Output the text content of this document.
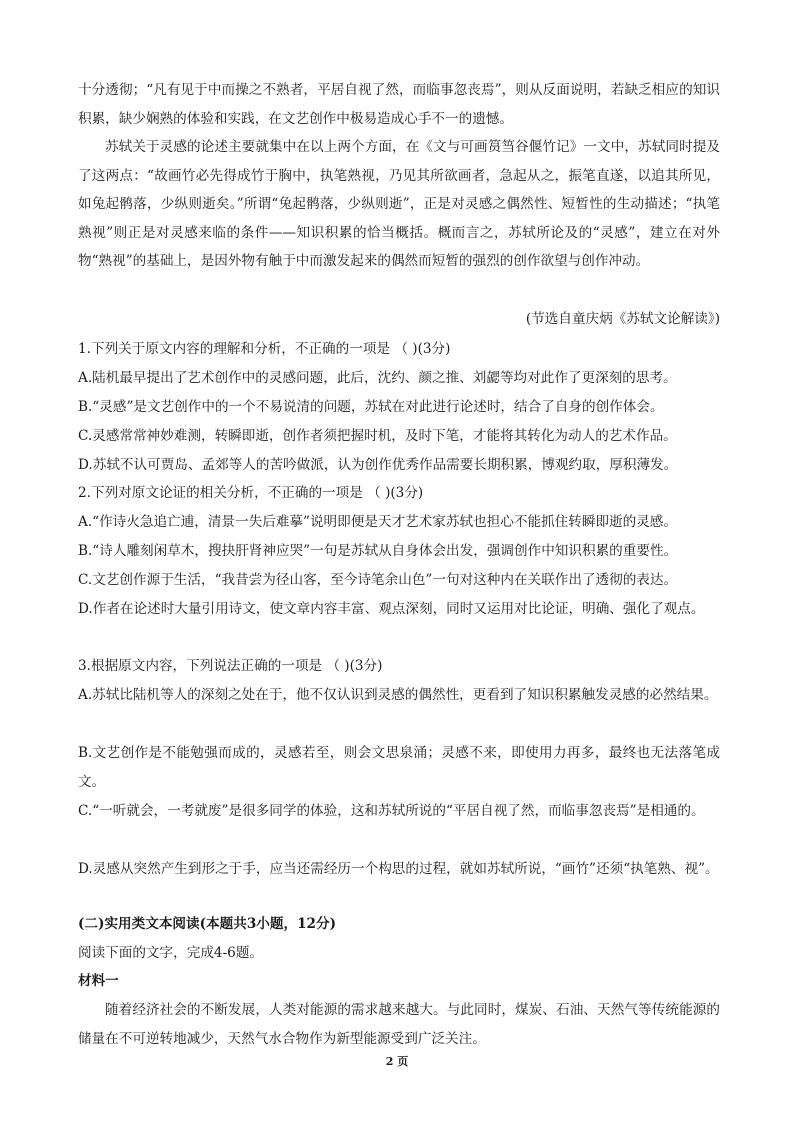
十分透彻；“凡有见于中而操之不熟者，平居自视了然，而临事忽丧焉”，则从反面说明，若缺乏相应的知识积累，缺少娴熟的体验和实践，在文艺创作中极易造成心手不一的遗憾。

苏轼关于灵感的论述主要就集中在以上两个方面，在《文与可画筼筜谷偃竹记》一文中，苏轼同时提及了这两点：“故画竹必先得成竹于胸中，执笔熟视，乃见其所欲画者，急起从之，振笔直遂，以追其所见，如兔起鹘落，少纵则逝矣。”所谓“兔起鹘落，少纵则逝”，正是对灵感之偶然性、短暂性的生动描述；“执笔熟视”则正是对灵感来临的条件——知识积累的恰当概括。概而言之，苏轼所论及的“灵感”，建立在对外物“熟视”的基础上，是因外物有触于中而激发起来的偶然而短暂的强烈的创作欲望与创作冲动。

(节选自童庆炳《苏轼文论解读》)

1.下列关于原文内容的理解和分析，不正确的一项是 （ )(3分)

A.陆机最早提出了艺术创作中的灵感问题，此后，沈约、颜之推、刘勰等均对此作了更深刻的思考。

B.“灵感”是文艺创作中的一个不易说清的问题，苏轼在对此进行论述时，结合了自身的创作体会。

C.灵感常常神妙难测，转瞬即逝，创作者须把握时机，及时下笔，才能将其转化为动人的艺术作品。

D.苏轼不认可贾岛、孟郊等人的苦吟做派，认为创作优秀作品需要长期积累，博观约取，厚积薄发。

2.下列对原文论证的相关分析，不正确的一项是 （ )(3分)

A.“作诗火急追亡逋，清景一失后难摹”说明即便是天才艺术家苏轼也担心不能抓住转瞬即逝的灵感。

B.“诗人雕刻闲草木，搜抉肝肾神应哭”一句是苏轼从自身体会出发，强调创作中知识积累的重要性。

C.文艺创作源于生活，“我昔尝为径山客，至今诗笔余山色”一句对这种内在关联作出了透彻的表达。

D.作者在论述时大量引用诗文，使文章内容丰富、观点深刻，同时又运用对比论证，明确、强化了观点。

3.根据原文内容，下列说法正确的一项是 （ )(3分)

A.苏轼比陆机等人的深刻之处在于，他不仅认识到灵感的偶然性，更看到了知识积累触发灵感的必然结果。

B.文艺创作是不能勉强而成的，灵感若至，则会文思泉涌；灵感不来，即使用力再多，最终也无法落笔成文。

C.“一听就会，一考就废”是很多同学的体验，这和苏轼所说的“平居自视了然，而临事忽丧焉”是相通的。

D.灵感从突然产生到形之于手，应当还需经历一个构思的过程，就如苏轼所说，“画竹”还须“执笔熟、视”。

(二)实用类文本阅读(本题共3小题，12分)

阅读下面的文字，完成4-6题。

材料一

随着经济社会的不断发展，人类对能源的需求越来越大。与此同时，煤炭、石油、天然气等传统能源的储量在不可逆转地减少，天然气水合物作为新型能源受到广泛关注。

2 页
